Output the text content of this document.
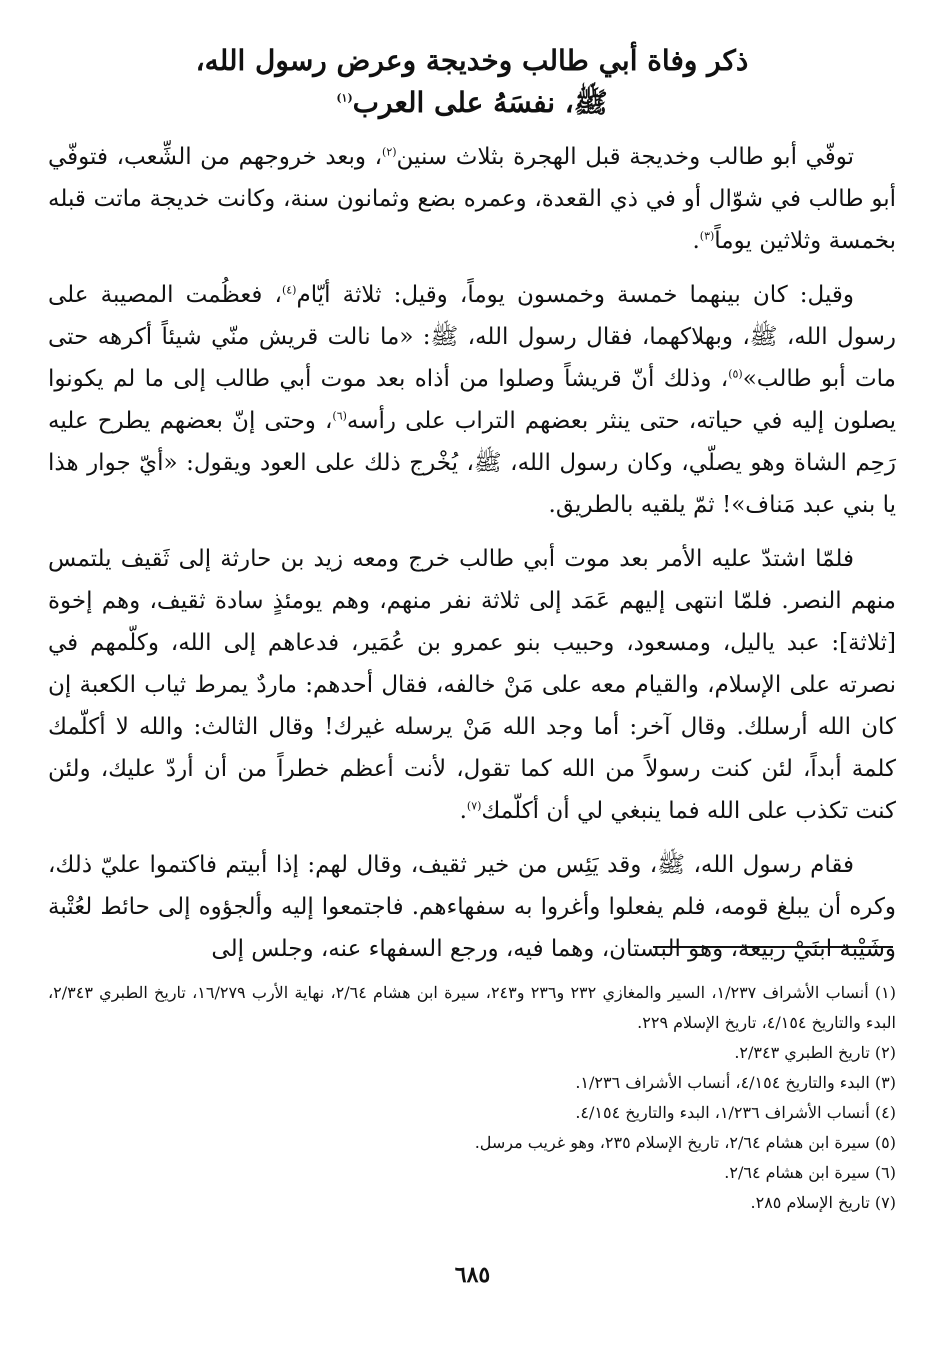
ذكر وفاة أبي طالب وخديجة وعرض رسول الله،
ﷺ، نفسَهُ على العرب$^{(١)}$

توفّي أبو طالب وخديجة قبل الهجرة بثلاث سنين$^{(٢)}$، وبعد خروجهم من الشِّعب، فتوفّي أبو طالب في شوّال أو في ذي القعدة، وعمره بضع وثمانون سنة، وكانت خديجة ماتت قبله بخمسة وثلاثين يوماً$^{(٣)}$.

وقيل: كان بينهما خمسة وخمسون يوماً، وقيل: ثلاثة أيّام$^{(٤)}$، فعظُمت المصيبة على رسول الله، ﷺ، وبهلاكهما، فقال رسول الله، ﷺ: «ما نالت قريش منّي شيئاً أكرهه حتى مات أبو طالب»$^{(٥)}$، وذلك أنّ قريشاً وصلوا من أذاه بعد موت أبي طالب إلى ما لم يكونوا يصلون إليه في حياته، حتى ينثر بعضهم التراب على رأسه$^{(٦)}$، وحتى إنّ بعضهم يطرح عليه رَحِم الشاة وهو يصلّي، وكان رسول الله، ﷺ، يُخْرج ذلك على العود ويقول: «أيّ جوار هذا يا بني عبد مَناف»! ثمّ يلقيه بالطريق.

فلمّا اشتدّ عليه الأمر بعد موت أبي طالب خرج ومعه زيد بن حارثة إلى ثَقيف يلتمس منهم النصر. فلمّا انتهى إليهم عَمَد إلى ثلاثة نفر منهم، وهم يومئذٍ سادة ثقيف، وهم إخوة [ثلاثة]: عبد ياليل، ومسعود، وحبيب بنو عمرو بن عُمَير، فدعاهم إلى الله، وكلّمهم في نصرته على الإسلام، والقيام معه على مَنْ خالفه، فقال أحدهم: ماردٌ يمرط ثياب الكعبة إن كان الله أرسلك. وقال آخر: أما وجد الله مَنْ يرسله غيرك! وقال الثالث: والله لا أكلّمك كلمة أبداً، لئن كنت رسولاً من الله كما تقول، لأنت أعظم خطراً من أن أردّ عليك، ولئن كنت تكذب على الله فما ينبغي لي أن أكلّمك$^{(٧)}$.

فقام رسول الله، ﷺ، وقد يَئِس من خير ثقيف، وقال لهم: إذا أبيتم فاكتموا عليّ ذلك، وكره أن يبلغ قومه، فلم يفعلوا وأغروا به سفهاءهم. فاجتمعوا إليه وألجؤوه إلى حائط لعُتْبة وشَيْبة ابنَيْ ربيعة، وهو البستان، وهما فيه، ورجع السفهاء عنه، وجلس إلى

(١) أنساب الأشراف ١/٢٣٧، السير والمغازي ٢٣٢ و٢٣٦ و٢٤٣، سيرة ابن هشام ٢/٦٤، نهاية الأرب ١٦/٢٧٩، تاريخ الطبري ٢/٣٤٣، البدء والتاريخ ٤/١٥٤، تاريخ الإسلام ٢٢٩.

(٢) تاريخ الطبري ٢/٣٤٣.

(٣) البدء والتاريخ ٤/١٥٤، أنساب الأشراف ١/٢٣٦.

(٤) أنساب الأشراف ١/٢٣٦، البدء والتاريخ ٤/١٥٤.

(٥) سيرة ابن هشام ٢/٦٤، تاريخ الإسلام ٢٣٥، وهو غريب مرسل.

(٦) سيرة ابن هشام ٢/٦٤.

(٧) تاريخ الإسلام ٢٨٥.

٦٨٥
